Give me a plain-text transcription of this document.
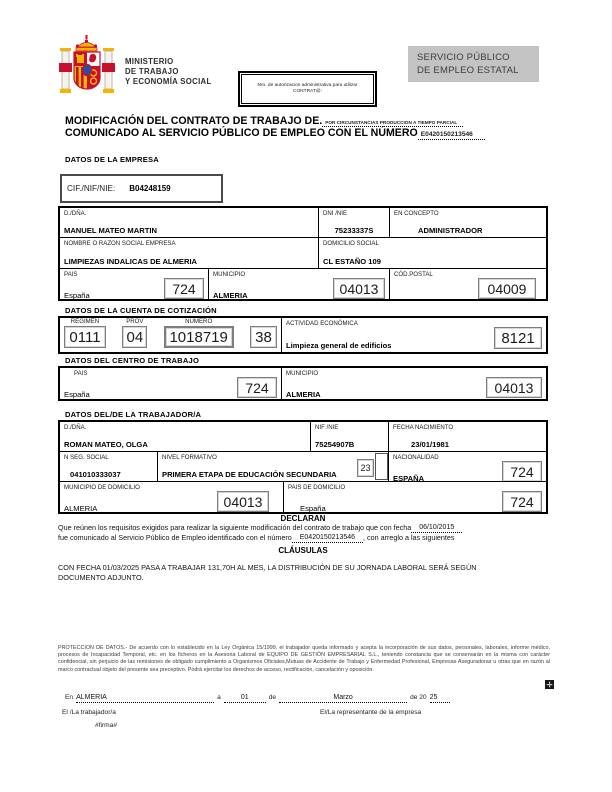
MINISTERIO
DE TRABAJO
Y ECONOMÍA SOCIAL	Nro. de autorizacion administrativa para utilizar
CONTRAT@:
SERVICIO PÚBLICO
DE EMPLEO ESTATAL
MODIFICACIÓN DEL CONTRATO DE TRABAJO DE. POR CIRCUNSTANCIAS PRODUCCION A TIEMPO PARCIAL
COMUNICADO AL SERVICIO PÚBLICO DE EMPLEO CON EL NÚMERO E0420150213546
DATOS DE LA EMPRESA
CIF./NIF/NIE: B04248159
D./DÑA.
MANUEL MATEO MARTIN
DNI /NIE
75233337S
EN CONCEPTO
ADMINISTRADOR
NOMBRE O RAZON SOCIAL EMPRESA
LIMPIEZAS INDALICAS DE ALMERIA
DOMICILIO SOCIAL
CL ESTAÑO 109
PAIS
España	724
MUNICIPIO
ALMERIA	04013
CÓD.POSTAL
04009
DATOS DE LA CUENTA DE COTIZACIÓN
RÉGIMEN
0111
PROV
04
NUMERO
1018719	38
ACTIVIDAD ECONÓMICA
Limpieza general de edificios	8121
DATOS DEL CENTRO DE TRABAJO
PAIS
España	724
MUNICIPIO
ALMERIA	04013
DATOS DEL/DE LA TRABAJADOR/A
D./DÑA.
ROMAN MATEO, OLGA
NIF /NIE
75254907B
FECHA NACIMIENTO
23/01/1981
N SEG. SOCIAL
041010333037
NIVEL FORMATIVO
PRIMERA ETAPA DE EDUCACIÓN SECUNDARIA
23
NACIONALIDAD
ESPAÑA	724
MUNICIPIO DE DOMICILIO
ALMERIA	04013
PAIS DE DOMICILIO
España	724
DECLARAN
Que reúnen los requisitos exigidos para realizar la siguiente modificación del contrato de trabajo que con fecha	06/10/2015
fue comunicado al Servicio Público de Empleo identificado con el número	E0420150213546	, con arreglo a las siguientes
CLÁUSULAS
CON FECHA 01/03/2025 PASA A TRABAJAR 131,70H AL MES, LA DISTRIBUCIÓN DE SU JORNADA LABORAL SERÁ SEGÚN DOCUMENTO ADJUNTO.
PROTECCION DE DATOS.- De acuerdo con lo establecido en la Ley Orgánica 15/1999, el trabajador queda informado y acepta la incorporación de sus datos, personales, laborales, informe médico, procesos de Incapacidad Temporal, etc. en los ficheros en la Asesoria Laboral de EQUIPO DE GESTIÓN EMPRESARIAL S.L., teniendo constancia que se conservarán en la misma con carácter confidencial, sin perjuicio de las remisiones de obligado cumplimiento a Organismos Oficiales,Mutuas de Accidente de Trabajo y Enfermedad Profesional, Empresas Aseguradoras u otras que en razón al marco contractual objeto del presente sea preceptivo. Podrá ejercitar los derechos de acceso, rectificación, cancelación y oposición.
En ALMERIA	a	01	de	Marzo	de 20 25
El /La trabajador/a	El/La representante de la empresa
#firma#
